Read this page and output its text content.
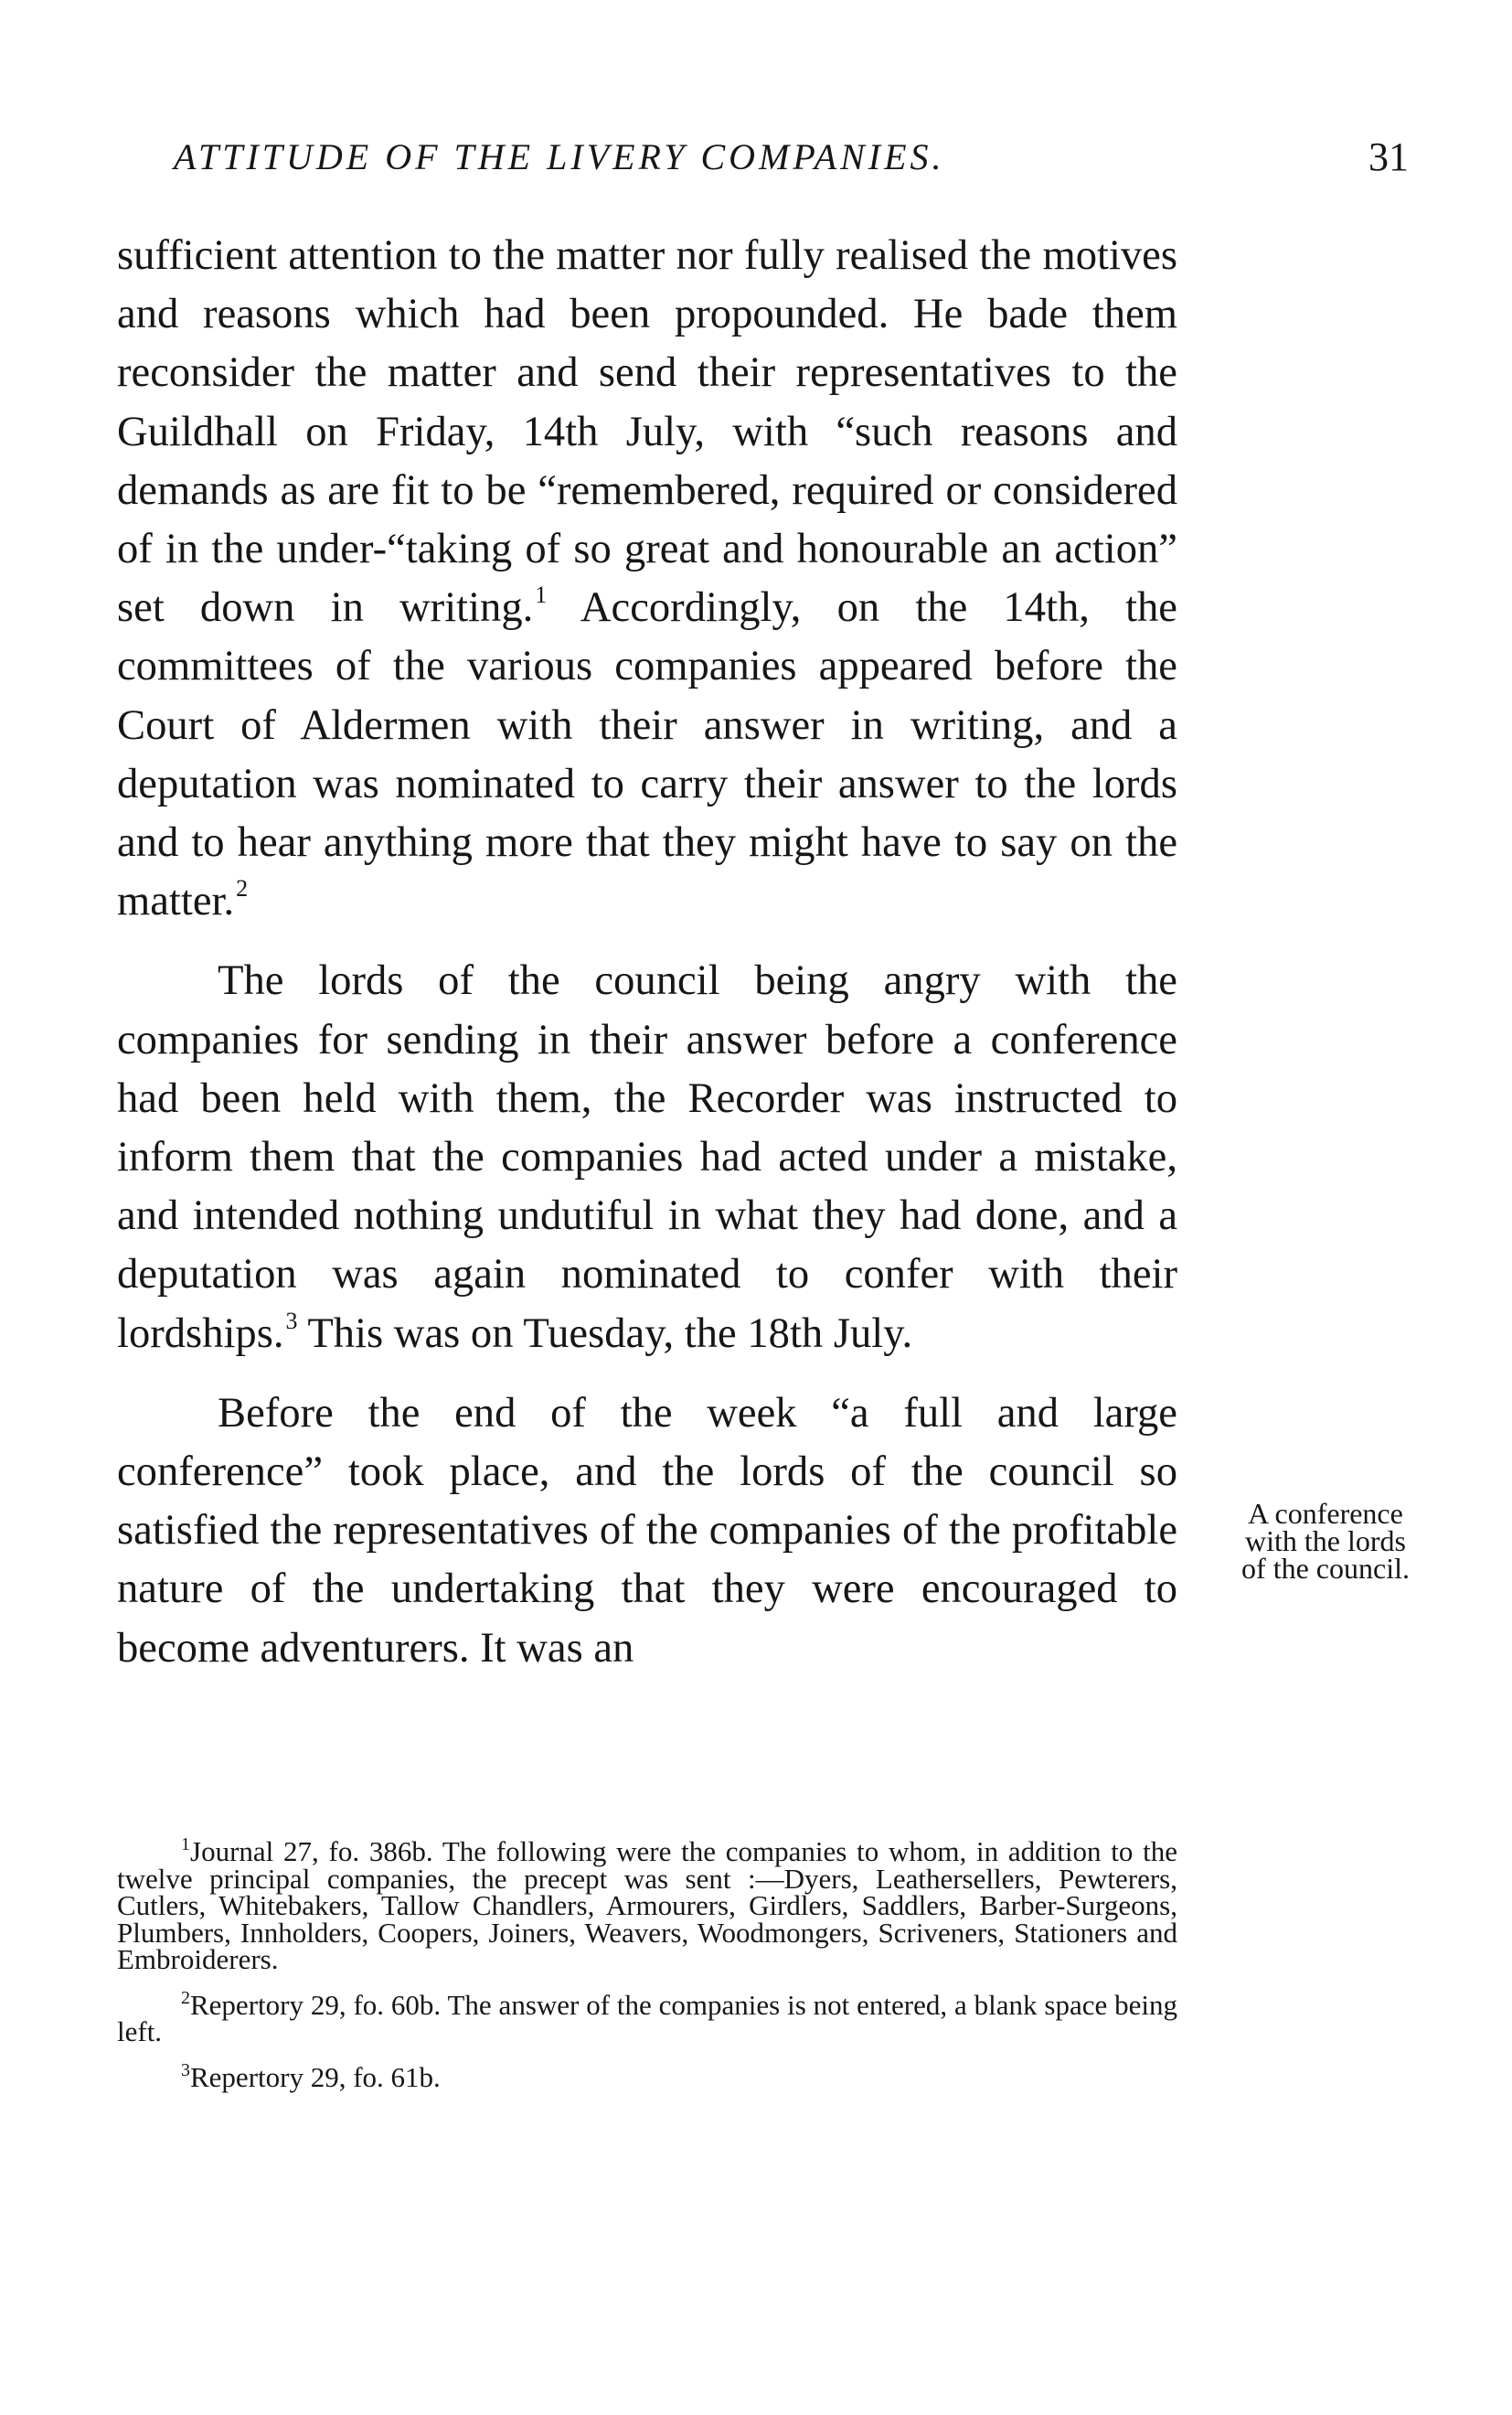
ATTITUDE OF THE LIVERY COMPANIES.	31

sufficient attention to the matter nor fully realised the motives and reasons which had been propounded. He bade them reconsider the matter and send their representatives to the Guildhall on Friday, 14th July, with “such reasons and demands as are fit to be “remembered, required or considered of in the under-“taking of so great and honourable an action” set down in writing.$^1$ Accordingly, on the 14th, the committees of the various companies appeared before the Court of Aldermen with their answer in writing, and a deputation was nominated to carry their answer to the lords and to hear anything more that they might have to say on the matter.$^2$

The lords of the council being angry with the companies for sending in their answer before a conference had been held with them, the Recorder was instructed to inform them that the companies had acted under a mistake, and intended nothing undutiful in what they had done, and a deputation was again nominated to confer with their lordships.$^3$ This was on Tuesday, the 18th July.

Before the end of the week “a full and large conference” took place, and the lords of the council so satisfied the representatives of the companies of the profitable nature of the undertaking that they were encouraged to become adventurers. It was an

A conference
with the lords
of the council.

$^1$Journal 27, fo. 386b. The following were the companies to whom, in addition to the twelve principal companies, the precept was sent :—Dyers, Leathersellers, Pewterers, Cutlers, Whitebakers, Tallow Chandlers, Armourers, Girdlers, Saddlers, Barber-Surgeons, Plumbers, Innholders, Coopers, Joiners, Weavers, Woodmongers, Scriveners, Stationers and Embroiderers.

$^2$Repertory 29, fo. 60b. The answer of the companies is not entered, a blank space being left.

$^3$Repertory 29, fo. 61b.
